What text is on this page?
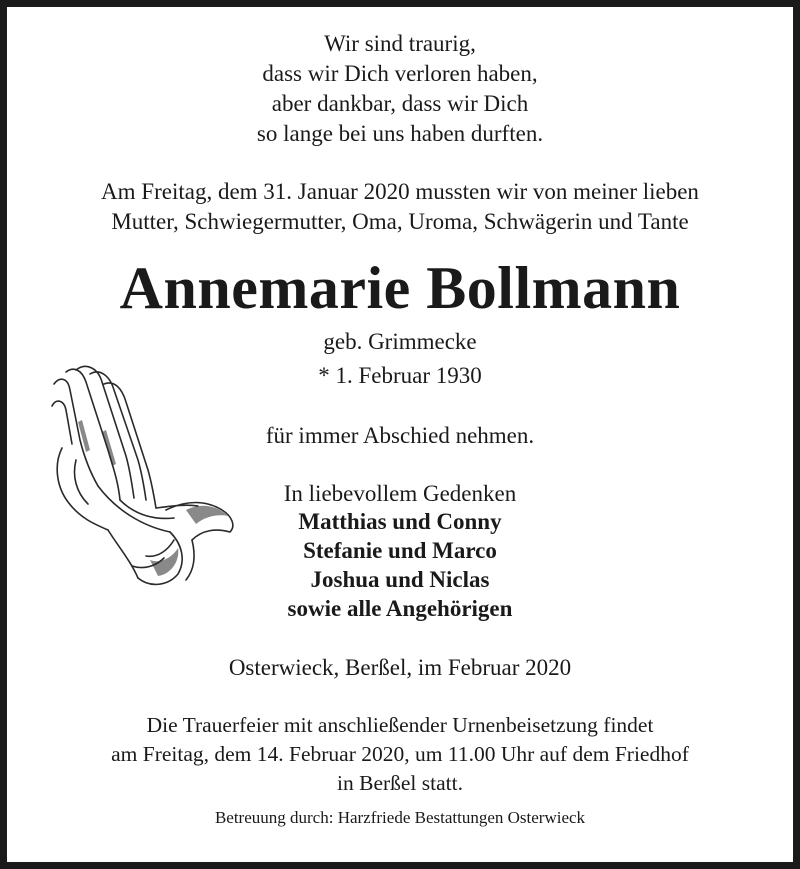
Wir sind traurig,
dass wir Dich verloren haben,
aber dankbar, dass wir Dich
so lange bei uns haben durften.
Am Freitag, dem 31. Januar 2020 mussten wir von meiner lieben
Mutter, Schwiegermutter, Oma, Uroma, Schwägerin und Tante
Annemarie Bollmann
geb. Grimmecke
* 1. Februar 1930
für immer Abschied nehmen.
In liebevollem Gedenken
Matthias und Conny
Stefanie und Marco
Joshua und Niclas
sowie alle Angehörigen
Osterwieck, Berßel, im Februar 2020
Die Trauerfeier mit anschließender Urnenbeisetzung findet
am Freitag, dem 14. Februar 2020, um 11.00 Uhr auf dem Friedhof
in Berßel statt.
Betreuung durch: Harzfriede Bestattungen Osterwieck
